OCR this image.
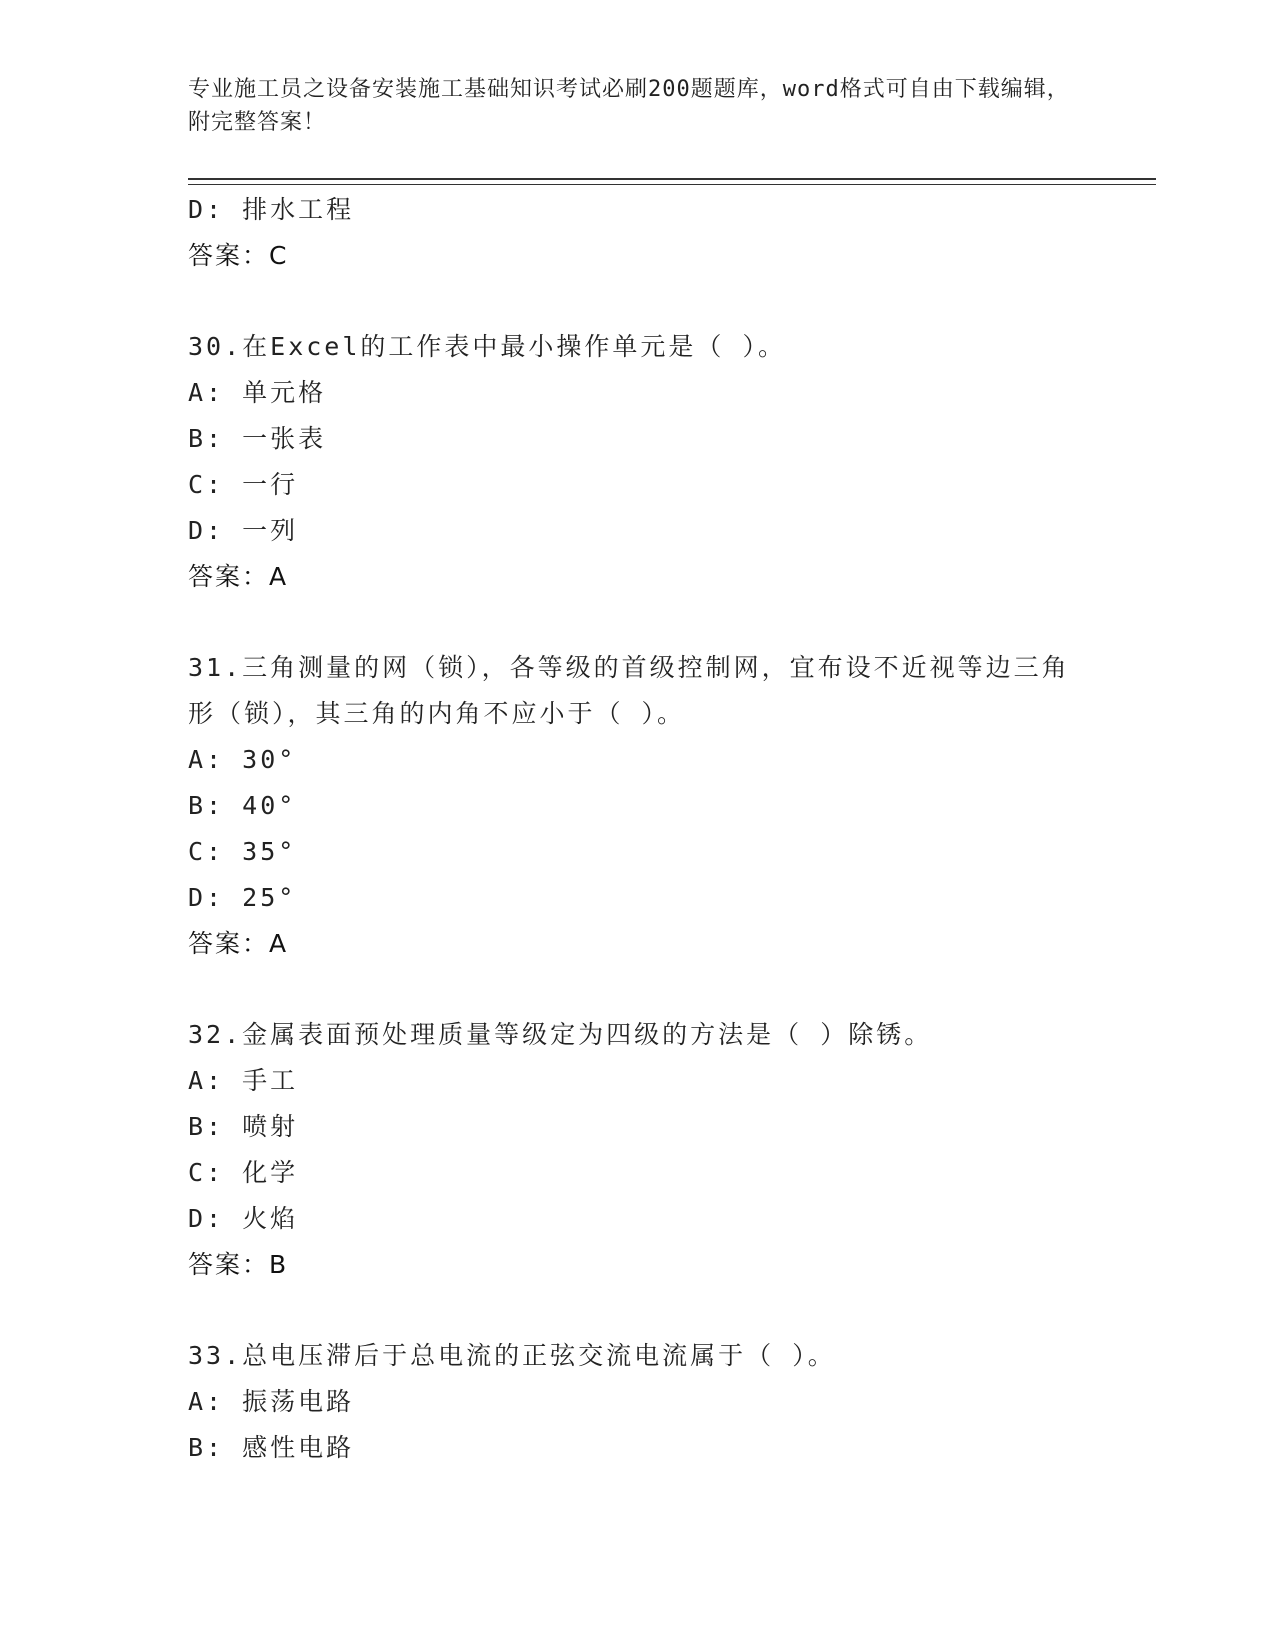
专业施工员之设备安装施工基础知识考试必刷200题题库，word格式可自由下载编辑，附完整答案！
D: 排水工程
答案：C
30.在Excel的工作表中最小操作单元是（ ）。
A: 单元格
B: 一张表
C: 一行
D: 一列
答案：A
31.三角测量的网（锁），各等级的首级控制网，宜布设不近视等边三角形（锁），其三角的内角不应小于（ ）。
A: 30°
B: 40°
C: 35°
D: 25°
答案：A
32.金属表面预处理质量等级定为四级的方法是（ ）除锈。
A: 手工
B: 喷射
C: 化学
D: 火焰
答案：B
33.总电压滞后于总电流的正弦交流电流属于（ ）。
A: 振荡电路
B: 感性电路
